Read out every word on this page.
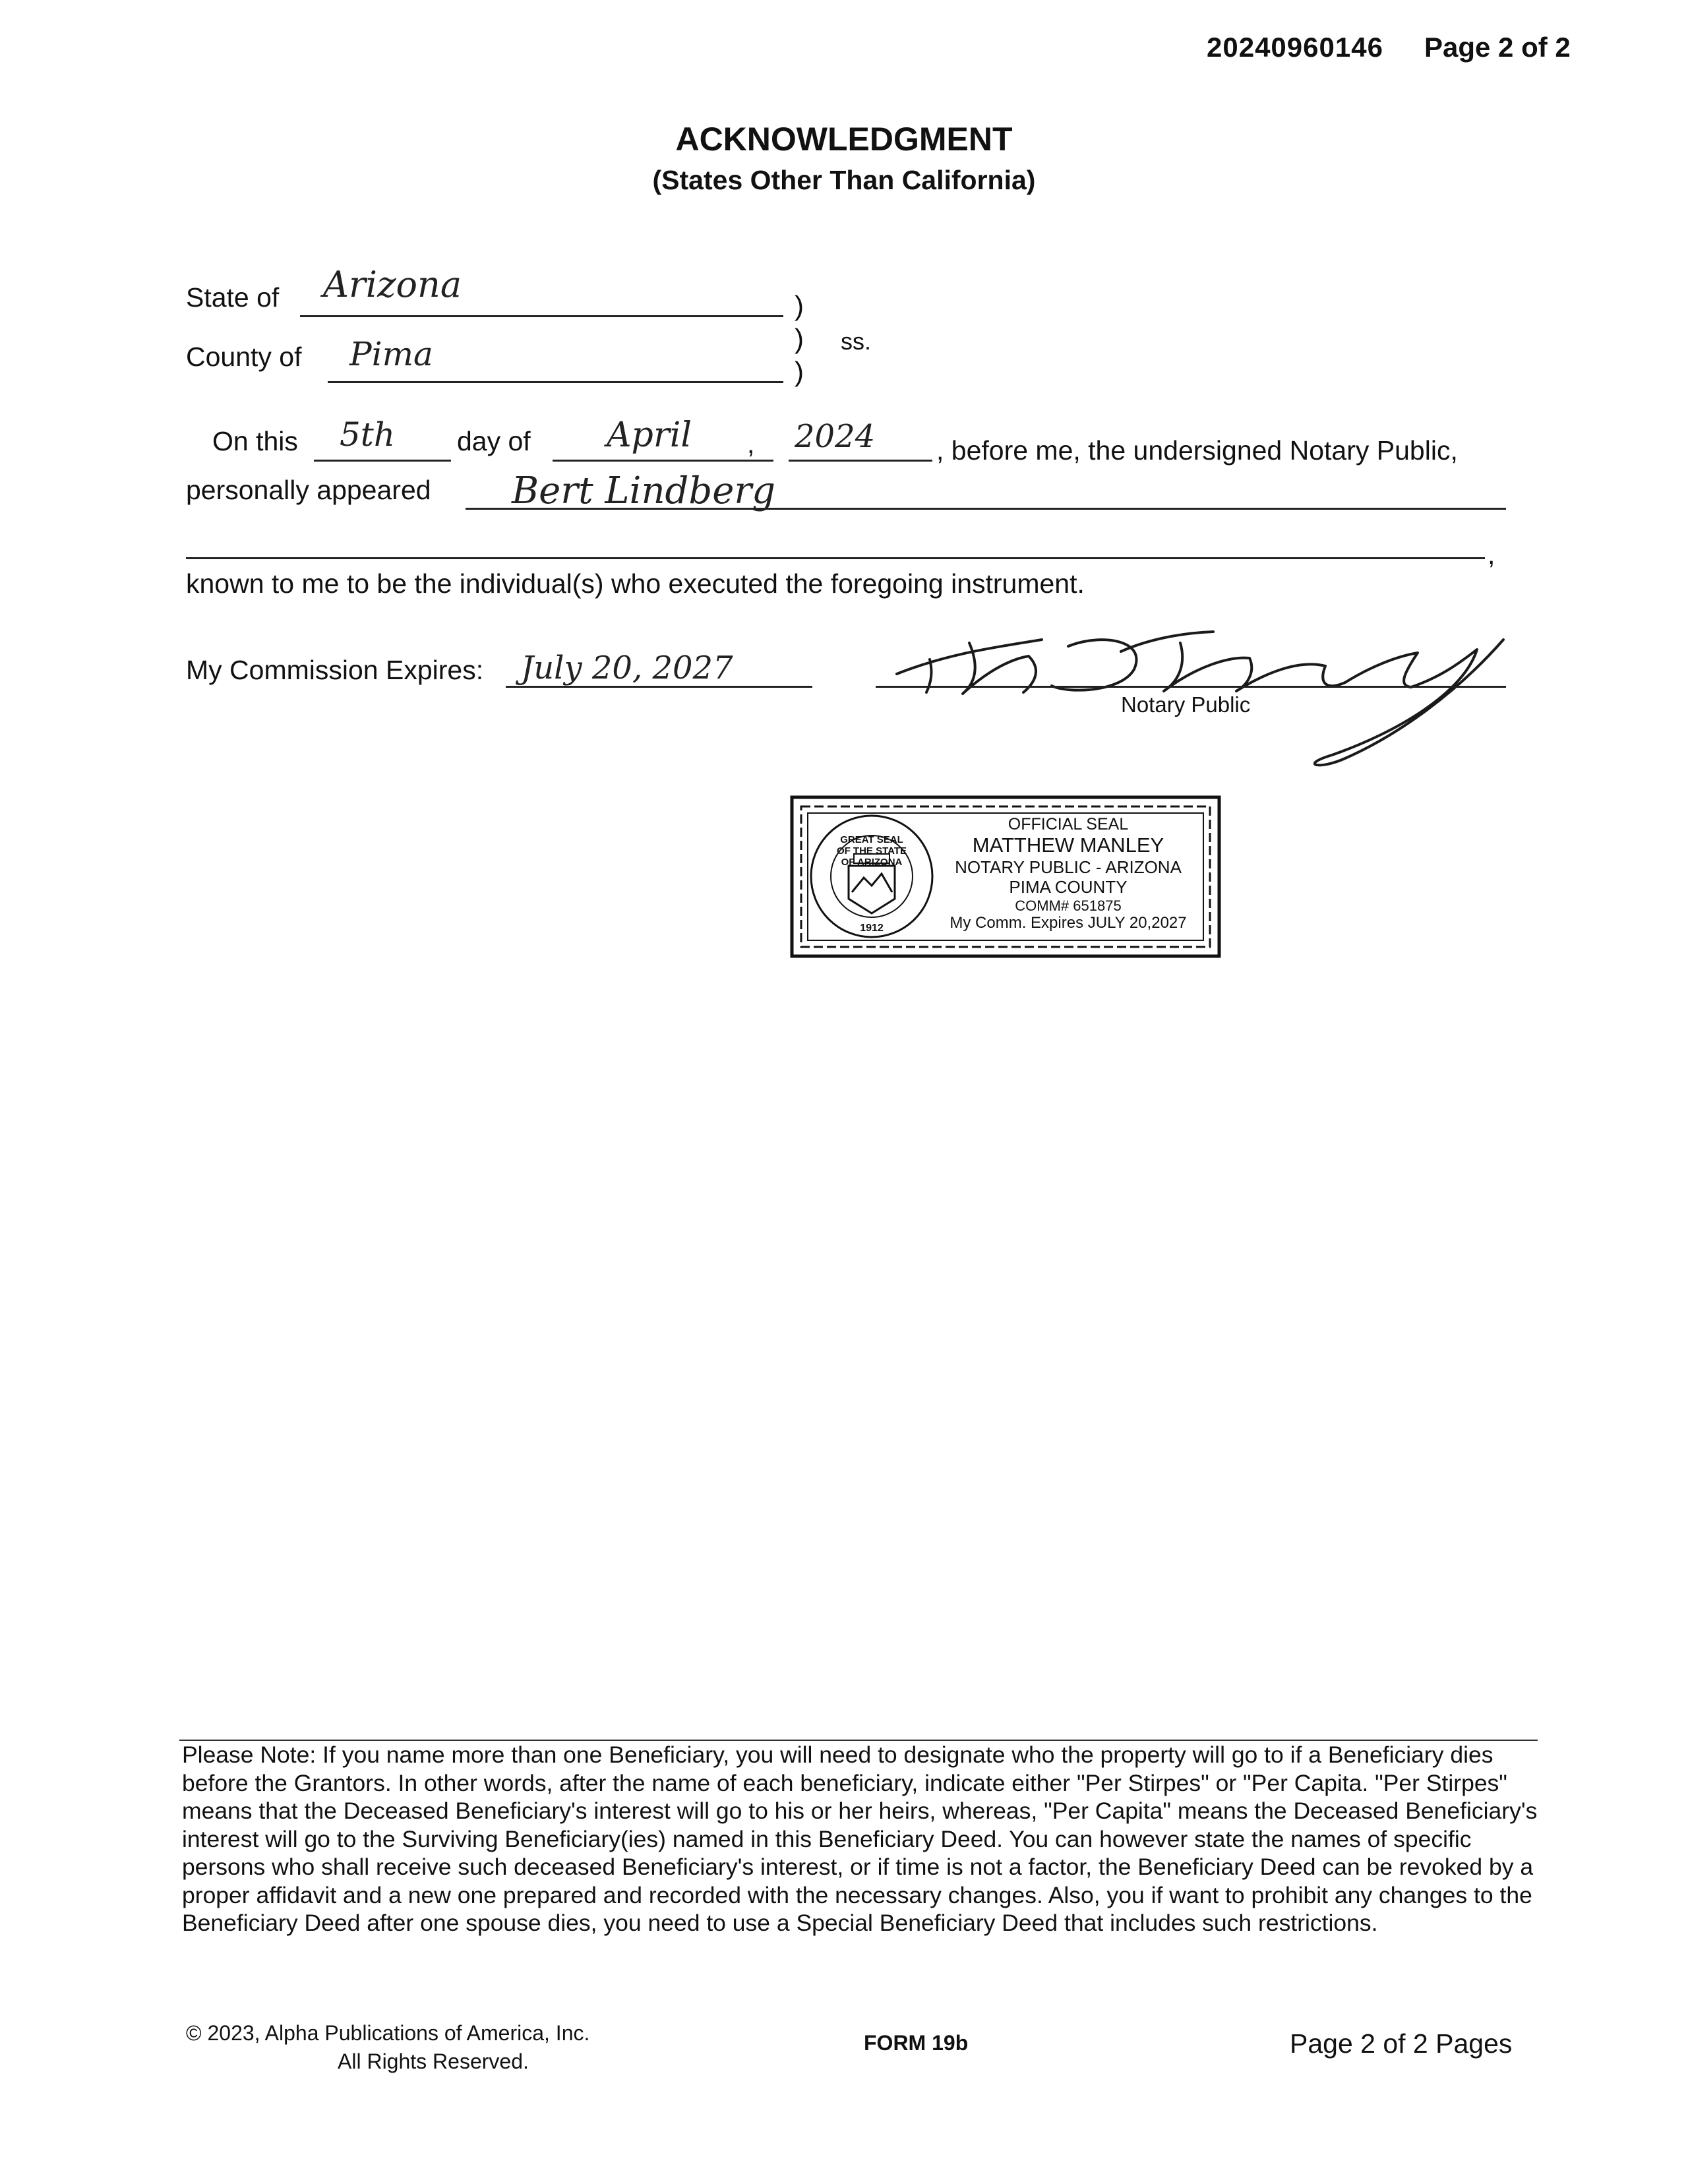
20240960146 Page 2 of 2
ACKNOWLEDGMENT
(States Other Than California)
State of Arizona
County of Pima
)
)
)
ss.
On this 5th day of April , 2024 , before me, the undersigned Notary Public,
personally appeared Bert Lindberg
,
known to me to be the individual(s) who executed the foregoing instrument.
My Commission Expires: July 20, 2027
Notary Public
GREAT SEAL OF THE STATE OF ARIZONA
1912
OFFICIAL SEAL
MATTHEW MANLEY
NOTARY PUBLIC - ARIZONA
PIMA COUNTY
COMM# 651875
My Comm. Expires JULY 20,2027
Please Note: If you name more than one Beneficiary, you will need to designate who the property will go to if a Beneficiary dies before the Grantors. In other words, after the name of each beneficiary, indicate either "Per Stirpes" or "Per Capita. "Per Stirpes" means that the Deceased Beneficiary's interest will go to his or her heirs, whereas, "Per Capita" means the Deceased Beneficiary's interest will go to the Surviving Beneficiary(ies) named in this Beneficiary Deed. You can however state the names of specific persons who shall receive such deceased Beneficiary's interest, or if time is not a factor, the Beneficiary Deed can be revoked by a proper affidavit and a new one prepared and recorded with the necessary changes. Also, you if want to prohibit any changes to the Beneficiary Deed after one spouse dies, you need to use a Special Beneficiary Deed that includes such restrictions.
© 2023, Alpha Publications of America, Inc.
All Rights Reserved.
FORM 19b	Page 2 of 2 Pages
